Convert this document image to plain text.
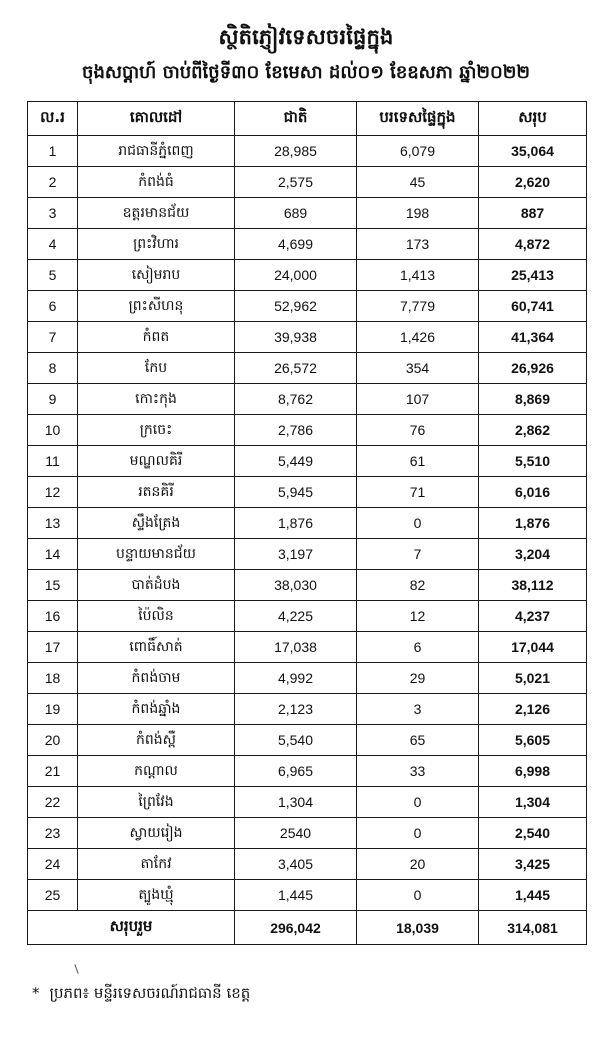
ស្ថិតិភ្ញៀវទេសចរផ្ទៃក្នុង
ចុងសប្ដាហ៍ ចាប់ពីថ្ងៃទី៣០ ខែមេសា ដល់០១ ខែឧសភា ឆ្នាំ២០២២
ល.រ	គោលដៅ	ជាតិ	បរទេសផ្ទៃក្នុង	សរុប
1	រាជធានីភ្នំពេញ	28,985	6,079	35,064
2	កំពង់ធំ	2,575	45	2,620
3	ឧត្តរមានជ័យ	689	198	887
4	ព្រះវិហារ	4,699	173	4,872
5	សៀមរាប	24,000	1,413	25,413
6	ព្រះសីហនុ	52,962	7,779	60,741
7	កំពត	39,938	1,426	41,364
8	កែប	26,572	354	26,926
9	កោះកុង	8,762	107	8,869
10	ក្រចេះ	2,786	76	2,862
11	មណ្ឌលគិរី	5,449	61	5,510
12	រតនគិរី	5,945	71	6,016
13	ស្ទឹងត្រែង	1,876	0	1,876
14	បន្ទាយមានជ័យ	3,197	7	3,204
15	បាត់ដំបង	38,030	82	38,112
16	ប៉ៃលិន	4,225	12	4,237
17	ពោធិ៍សាត់	17,038	6	17,044
18	កំពង់ចាម	4,992	29	5,021
19	កំពង់ឆ្នាំង	2,123	3	2,126
20	កំពង់ស្ពឺ	5,540	65	5,605
21	កណ្ដាល	6,965	33	6,998
22	ព្រៃវែង	1,304	0	1,304
23	ស្វាយរៀង	2540	0	2,540
24	តាកែវ	3,405	20	3,425
25	ត្បូងឃ្មុំ	1,445	0	1,445
សរុបរួម		296,042	18,039	314,081
* ប្រភព៖ មន្ទីរទេសចរណ៍រាជធានី ខេត្ត
